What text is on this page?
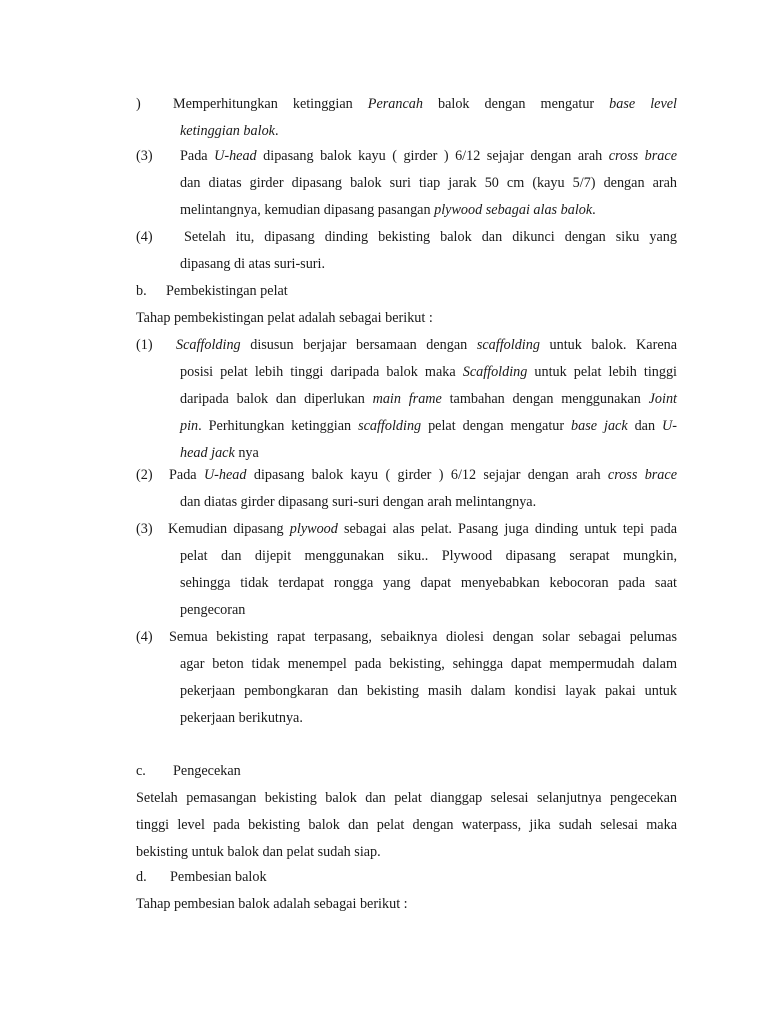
) Memperhitungkan ketinggian Perancah balok dengan mengatur base level
ketinggian balok.
(3) Pada U-head dipasang balok kayu ( girder ) 6/12 sejajar dengan arah cross brace
dan diatas girder dipasang balok suri tiap jarak 50 cm (kayu 5/7) dengan arah
melintangnya, kemudian dipasang pasangan plywood sebagai alas balok.
(4) Setelah itu, dipasang dinding bekisting balok dan dikunci dengan siku yang
dipasang di atas suri-suri.
b. Pembekistingan pelat
Tahap pembekistingan pelat adalah sebagai berikut :
(1) Scaffolding disusun berjajar bersamaan dengan scaffolding untuk balok. Karena
posisi pelat lebih tinggi daripada balok maka Scaffolding untuk pelat lebih tinggi
daripada balok dan diperlukan main frame tambahan dengan menggunakan Joint
pin. Perhitungkan ketinggian scaffolding pelat dengan mengatur base jack dan U-
head jack nya
(2) Pada U-head dipasang balok kayu ( girder ) 6/12 sejajar dengan arah cross brace
dan diatas girder dipasang suri-suri dengan arah melintangnya.
(3) Kemudian dipasang plywood sebagai alas pelat. Pasang juga dinding untuk tepi pada
pelat dan dijepit menggunakan siku.. Plywood dipasang serapat mungkin,
sehingga tidak terdapat rongga yang dapat menyebabkan kebocoran pada saat
pengecoran
(4) Semua bekisting rapat terpasang, sebaiknya diolesi dengan solar sebagai pelumas
agar beton tidak menempel pada bekisting, sehingga dapat mempermudah dalam
pekerjaan pembongkaran dan bekisting masih dalam kondisi layak pakai untuk
pekerjaan berikutnya.
c. Pengecekan
Setelah pemasangan bekisting balok dan pelat dianggap selesai selanjutnya pengecekan
tinggi level pada bekisting balok dan pelat dengan waterpass, jika sudah selesai maka
bekisting untuk balok dan pelat sudah siap.
d. Pembesian balok
Tahap pembesian balok adalah sebagai berikut :
